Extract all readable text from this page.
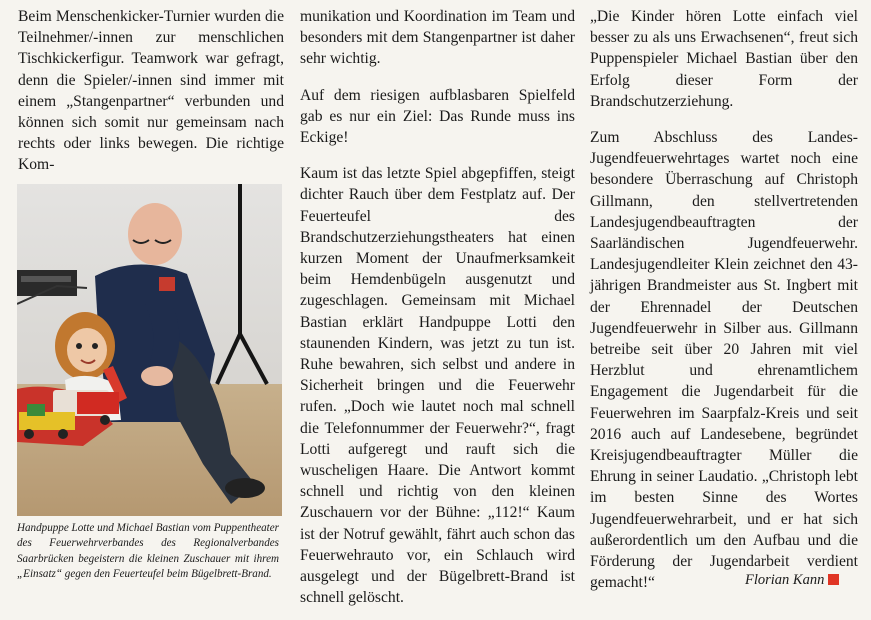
Beim Menschenkicker-Turnier wurden die Teilnehmer/-innen zur menschlichen Tischkickerfigur. Teamwork war gefragt, denn die Spieler/-innen sind immer mit einem „Stangenpartner“ verbunden und können sich somit nur gemeinsam nach rechts oder links bewegen. Die richtige Kom-

Handpuppe Lotte und Michael Bastian vom Puppentheater des Feuerwehrverbandes des Regionalverbandes Saarbrücken begeistern die kleinen Zuschauer mit ihrem „Einsatz“ gegen den Feuerteufel beim Bügelbrett-Brand.

munikation und Koordination im Team und besonders mit dem Stangenpartner ist daher sehr wichtig.

Auf dem riesigen aufblasbaren Spielfeld gab es nur ein Ziel: Das Runde muss ins Eckige!

Kaum ist das letzte Spiel abgepfiffen, steigt dichter Rauch über dem Festplatz auf. Der Feuerteufel des Brandschutzerziehungstheaters hat einen kurzen Moment der Unaufmerksamkeit beim Hemdenbügeln ausgenutzt und zugeschlagen. Gemeinsam mit Michael Bastian erklärt Handpuppe Lotti den staunenden Kindern, was jetzt zu tun ist. Ruhe bewahren, sich selbst und andere in Sicherheit bringen und die Feuerwehr rufen. „Doch wie lautet noch mal schnell die Telefonnummer der Feuerwehr?“, fragt Lotti aufgeregt und rauft sich die wuscheligen Haare. Die Antwort kommt schnell und richtig von den kleinen Zuschauern vor der Bühne: „112!“ Kaum ist der Notruf gewählt, fährt auch schon das Feuerwehrauto vor, ein Schlauch wird ausgelegt und der Bügelbrett-Brand ist schnell gelöscht.

„Die Kinder hören Lotte einfach viel besser zu als uns Erwachsenen“, freut sich Puppenspieler Michael Bastian über den Erfolg dieser Form der Brandschutzerziehung.

Zum Abschluss des Landes-Jugendfeuerwehrtages wartet noch eine besondere Überraschung auf Christoph Gillmann, den stellvertretenden Landesjugendbeauftragten der Saarländischen Jugendfeuerwehr. Landesjugendleiter Klein zeichnet den 43-jährigen Brandmeister aus St. Ingbert mit der Ehrennadel der Deutschen Jugendfeuerwehr in Silber aus. Gillmann betreibe seit über 20 Jahren mit viel Herzblut und ehrenamtlichem Engagement die Jugendarbeit für die Feuerwehren im Saarpfalz-Kreis und seit 2016 auch auf Landesebene, begründet Kreisjugendbeauftragter Müller die Ehrung in seiner Laudatio. „Christoph lebt im besten Sinne des Wortes Jugendfeuerwehrarbeit, und er hat sich außerordentlich um den Aufbau und die Förderung der Jugendarbeit verdient gemacht!“	Florian Kann
